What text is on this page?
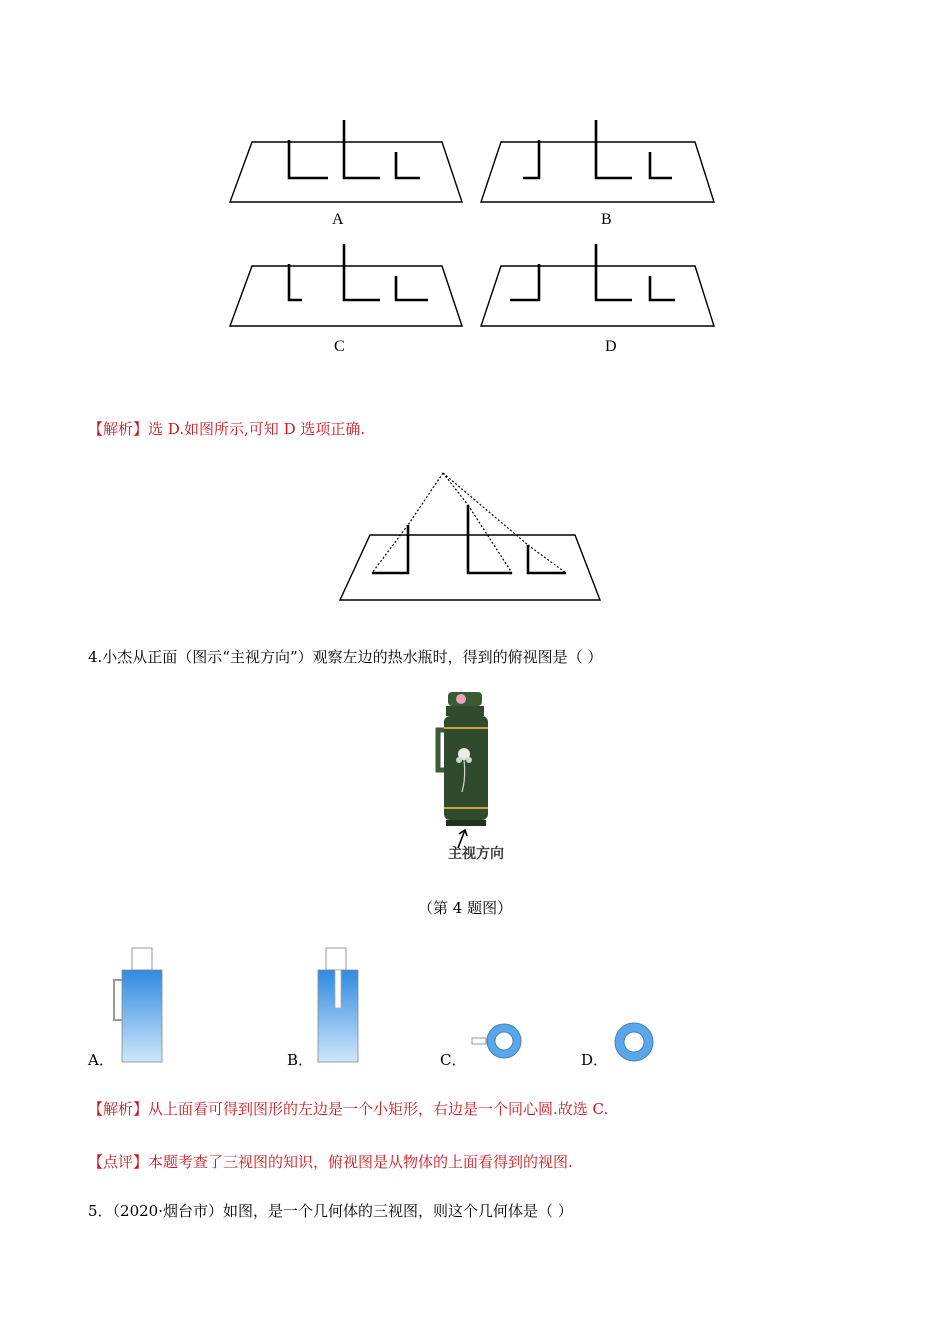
A	B
C	D
【解析】选 D.如图所示,可知 D 选项正确.
4.小杰从正面（图示“主视方向”）观察左边的热水瓶时，得到的俯视图是（ ）
主视方向
（第 4 题图）
A．	B．	C．	D．
【解析】从上面看可得到图形的左边是一个小矩形，右边是一个同心圆.故选 C.
【点评】本题考查了三视图的知识，俯视图是从物体的上面看得到的视图.
5．（2020·烟台市）如图，是一个几何体的三视图，则这个几何体是（ ）
